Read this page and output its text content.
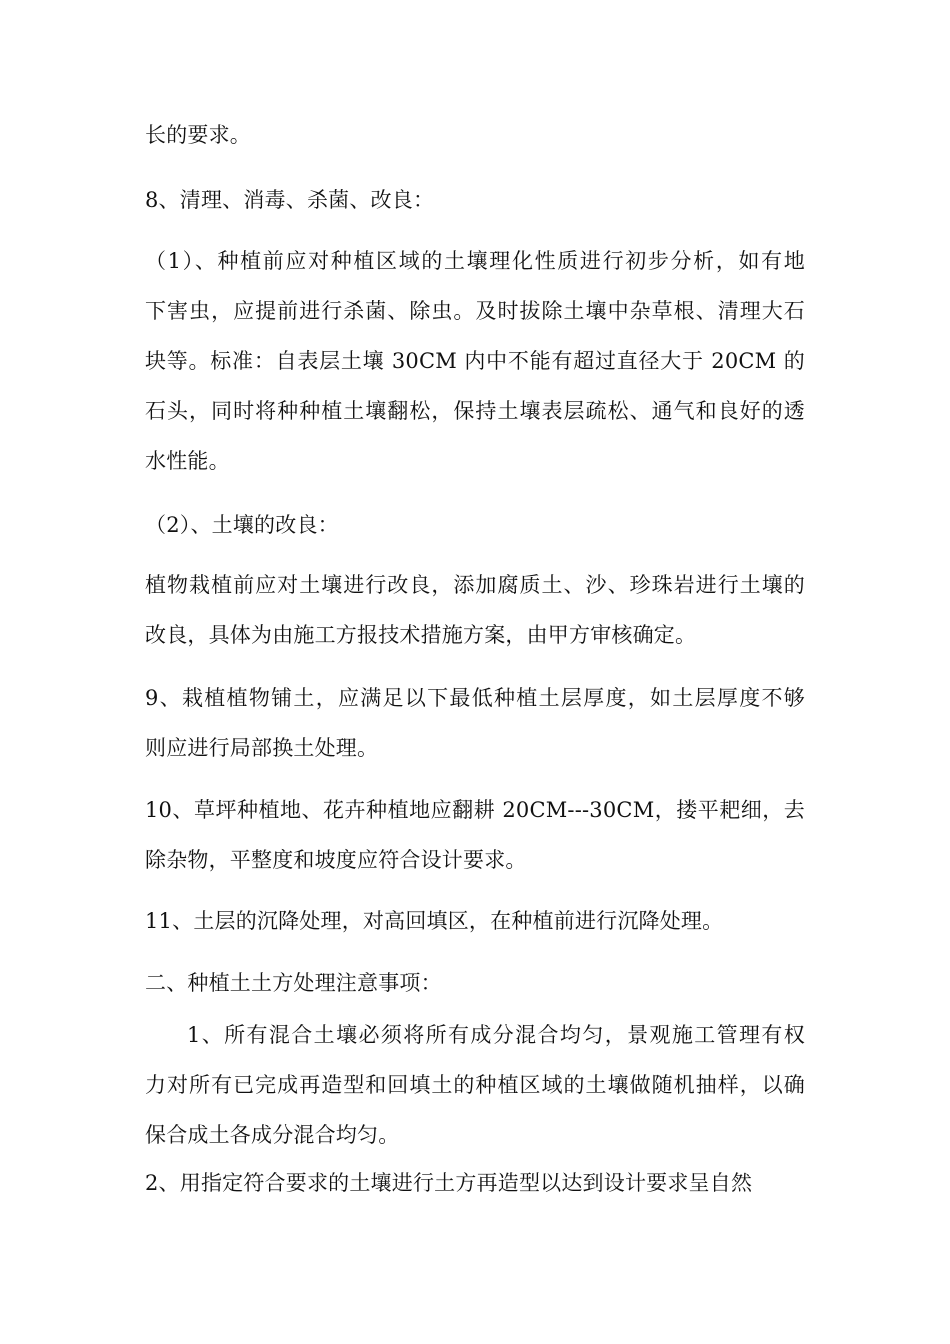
长的要求。
8、清理、消毒、杀菌、改良：
（1）、种植前应对种植区域的土壤理化性质进行初步分析，如有地
下害虫，应提前进行杀菌、除虫。及时拔除土壤中杂草根、清理大石
块等。标准：自表层土壤 30CM 内中不能有超过直径大于 20CM 的
石头，同时将种种植土壤翻松，保持土壤表层疏松、通气和良好的透
水性能。
（2）、土壤的改良：
植物栽植前应对土壤进行改良，添加腐质土、沙、珍珠岩进行土壤的
改良，具体为由施工方报技术措施方案，由甲方审核确定。
9、栽植植物铺土，应满足以下最低种植土层厚度，如土层厚度不够
则应进行局部换土处理。
10、草坪种植地、花卉种植地应翻耕 20CM---30CM，搂平耙细，去
除杂物，平整度和坡度应符合设计要求。
11、土层的沉降处理，对高回填区，在种植前进行沉降处理。
二、种植土土方处理注意事项：
1、所有混合土壤必须将所有成分混合均匀，景观施工管理有权
力对所有已完成再造型和回填土的种植区域的土壤做随机抽样，以确
保合成土各成分混合均匀。
2、用指定符合要求的土壤进行土方再造型以达到设计要求呈自然
